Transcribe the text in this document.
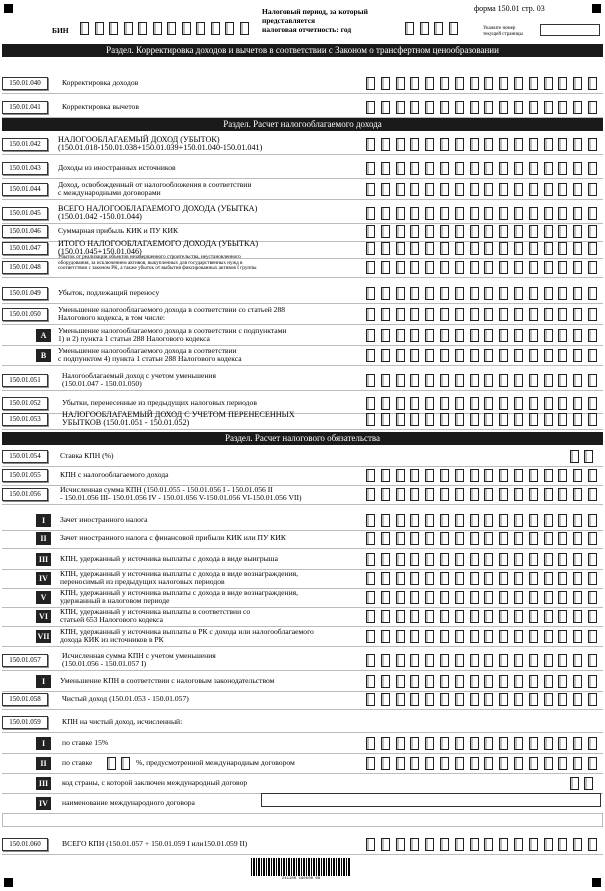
БИН
Налоговый период, за который
представляется
налоговая отчетность: год
форма 150.01 стр. 03
Укажите номер
текущей страницы
Раздел. Корректировка доходов и вычетов в соответствии с Законом о трансфертном ценообразовании
Раздел. Расчет налогооблагаемого дохода
Раздел. Расчет налогового обязательства
150.01.040	Корректировка доходов
150.01.041	Корректировка вычетов
150.01.042	НАЛОГООБЛАГАЕМЫЙ ДОХОД (УБЫТОК)
(150.01.018-150.01.038+150.01.039+150.01.040-150.01.041)
150.01.043	Доходы из иностранных источников
150.01.044	Доход, освобожденный от налогообложения в соответствии
с международными договорами
150.01.045	ВСЕГО НАЛОГООБЛАГАЕМОГО ДОХОДА (УБЫТКА)
(150.01.042 -150.01.044)
150.01.046	Суммарная прибыль КИК и ПУ КИК
150.01.047	ИТОГО НАЛОГООБЛАГАЕМОГО ДОХОДА (УБЫТКА)
(150.01.045+150.01.046)
150.01.048
Убыток от реализации объектов незавершенного строительства, неустановленного
оборудования, за исключением активов, выкупленных для государственных нужд в
соответствии с законом РК, а также убыток от выбытия фиксированных активов I группы
150.01.049	Убыток, подлежащий переносу
150.01.050	Уменьшение налогооблагаемого дохода в соответствии со статьей 288
Налогового кодекса, в том числе:
A
Уменьшение налогооблагаемого дохода в соответствии с подпунктами
1) и 2) пункта 1 статьи 288 Налогового кодекса
B
Уменьшение налогооблагаемого дохода в соответствии
с подпунктом 4) пункта 1 статьи 288 Налогового кодекса
150.01.051	Налогооблагаемый доход с учетом уменьшения
(150.01.047 - 150.01.050)
150.01.052	Убытки, перенесенные из предыдущих налоговых периодов
150.01.053	НАЛОГООБЛАГАЕМЫЙ ДОХОД С УЧЕТОМ ПЕРЕНЕСЕННЫХ
УБЫТКОВ (150.01.051 - 150.01.052)
150.01.054	Ставка КПН (%)
150.01.055	КПН с налогооблагаемого дохода
150.01.056	Исчисленная сумма КПН (150.01.055 - 150.01.056 I - 150.01.056 II
- 150.01.056 III- 150.01.056 IV - 150.01.056 V-150.01.056 VI-150.01.056 VII)
I	Зачет иностранного налога
II	Зачет иностранного налога с финансовой прибыли КИК или ПУ КИК
III	КПН, удержанный у источника выплаты с дохода в виде выигрыша
IV
КПН, удержанный у источника выплаты с дохода в виде вознаграждения,
переносимый из предыдущих налоговых периодов
V
КПН, удержанный у источника выплаты с дохода в виде вознаграждения,
удержанный в налоговом периоде
VI
КПН, удержанный у источника выплаты в соответствии со
статьей 653 Налогового кодекса
VII
КПН, удержанный у источника выплаты в РК с дохода или налогооблагаемого
дохода КИК из источников в РК
150.01.057	Исчисленная сумма КПН с учетом уменьшения
(150.01.056 - 150.01.057 I)
I	Уменьшение КПН в соответствии с налоговым законодательством
150.01.058	Чистый доход (150.01.053 - 150.01.057)
150.01.059	КПН на чистый доход, исчисленный:
I	по ставке 15%
II	по ставке	%, предусмотренной международным договором
III	код страны, с которой заключен международный договор
IV	наименование международного договора
150.01.060	ВСЕГО КПН (150.01.057 + 150.01.059 I или150.01.059 II)
241100 190500 08
